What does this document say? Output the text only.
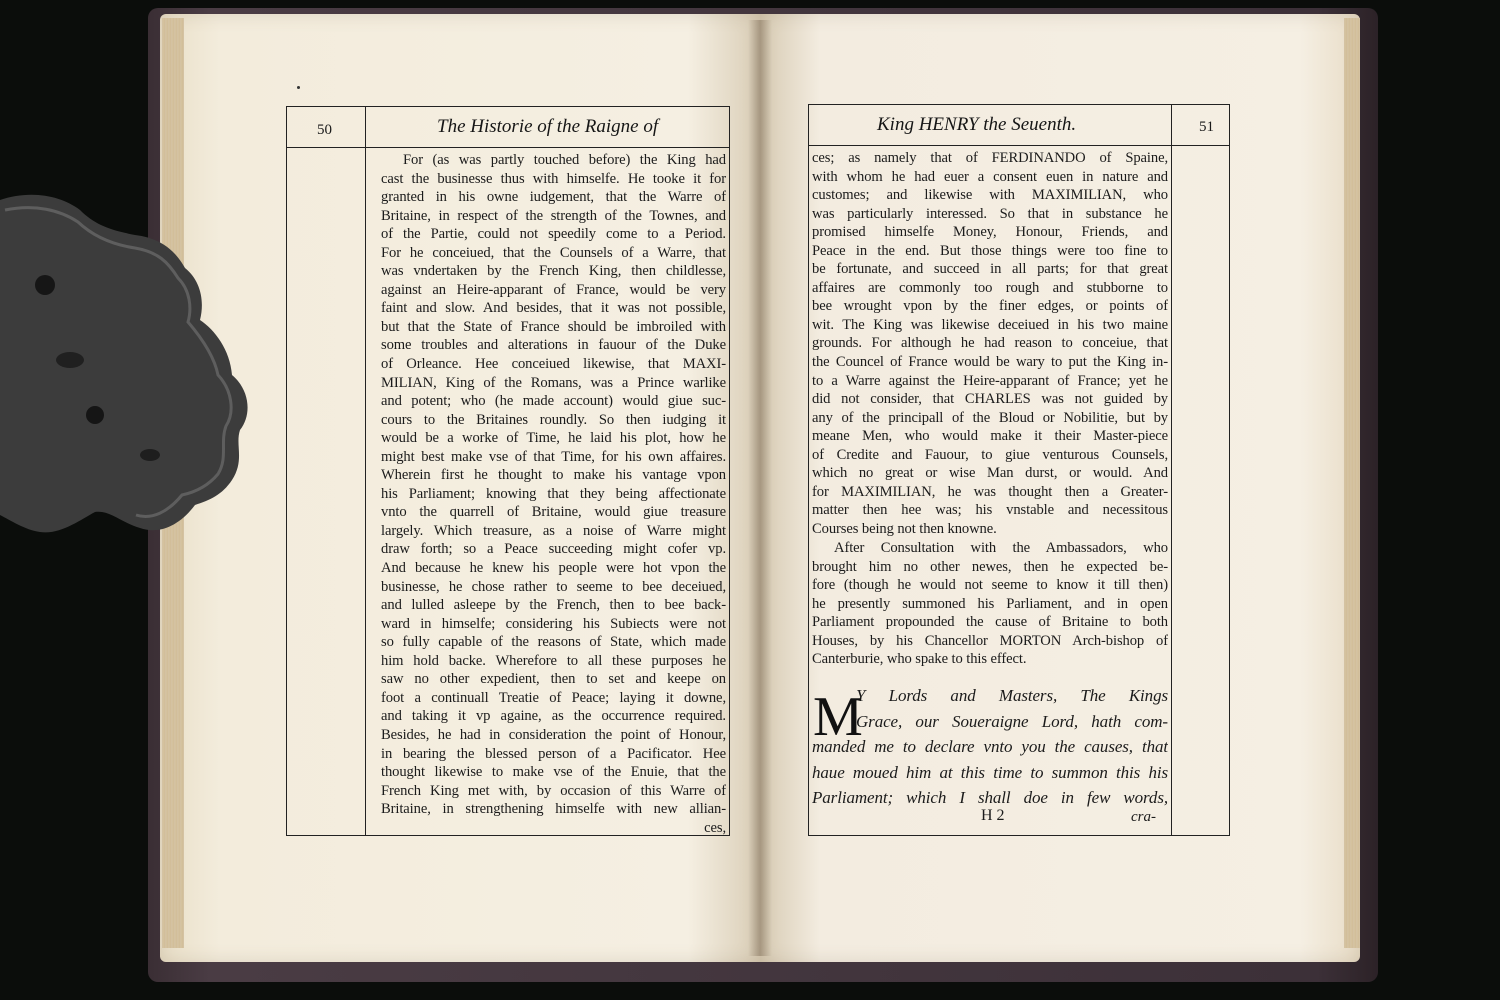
50	The Historie of the Raigne of
For (as was partly touched before) the King had
cast the businesse thus with himselfe. He tooke it for
granted in his owne iudgement, that the Warre of
Britaine, in respect of the strength of the Townes, and
of the Partie, could not speedily come to a Period.
For he conceiued, that the Counsels of a Warre, that
was vndertaken by the French King, then childlesse,
against an Heire-apparant of France, would be very
faint and slow. And besides, that it was not possible,
but that the State of France should be imbroiled with
some troubles and alterations in fauour of the Duke
of Orleance. Hee conceiued likewise, that MAXI-
MILIAN, King of the Romans, was a Prince warlike
and potent; who (he made account) would giue suc-
cours to the Britaines roundly. So then iudging it
would be a worke of Time, he laid his plot, how he
might best make vse of that Time, for his own affaires.
Wherein first he thought to make his vantage vpon
his Parliament; knowing that they being affectionate
vnto the quarrell of Britaine, would giue treasure
largely. Which treasure, as a noise of Warre might
draw forth; so a Peace succeeding might cofer vp.
And because he knew his people were hot vpon the
businesse, he chose rather to seeme to bee deceiued,
and lulled asleepe by the French, then to bee back-
ward in himselfe; considering his Subiects were not
so fully capable of the reasons of State, which made
him hold backe. Wherefore to all these purposes he
saw no other expedient, then to set and keepe on
foot a continuall Treatie of Peace; laying it downe,
and taking it vp againe, as the occurrence required.
Besides, he had in consideration the point of Honour,
in bearing the blessed person of a Pacificator. Hee
thought likewise to make vse of the Enuie, that the
French King met with, by occasion of this Warre of
Britaine, in strengthening himselfe with new allian-
ces,
51
King HENRY the Seuenth.
ces; as namely that of FERDINANDO of Spaine,
with whom he had euer a consent euen in nature and
customes; and likewise with MAXIMILIAN, who
was particularly interessed. So that in substance he
promised himselfe Money, Honour, Friends, and
Peace in the end. But those things were too fine to
be fortunate, and succeed in all parts; for that great
affaires are commonly too rough and stubborne to
bee wrought vpon by the finer edges, or points of
wit. The King was likewise deceiued in his two maine
grounds. For although he had reason to conceiue, that
the Councel of France would be wary to put the King in-
to a Warre against the Heire-apparant of France; yet he
did not consider, that CHARLES was not guided by
any of the principall of the Bloud or Nobilitie, but by
meane Men, who would make it their Master-piece
of Credite and Fauour, to giue venturous Counsels,
which no great or wise Man durst, or would. And
for MAXIMILIAN, he was thought then a Greater-
matter then hee was; his vnstable and necessitous
Courses being not then knowne.
After Consultation with the Ambassadors, who
brought him no other newes, then he expected be-
fore (though he would not seeme to know it till then)
he presently summoned his Parliament, and in open
Parliament propounded the cause of Britaine to both
Houses, by his Chancellor MORTON Arch-bishop of
Canterburie, who spake to this effect.
Y Lords and Masters, The Kings
Grace, our Soueraigne Lord, hath com-
manded me to declare vnto you the causes, that
haue moued him at this time to summon this his
Parliament; which I shall doe in few words,
M
H 2	cra-
